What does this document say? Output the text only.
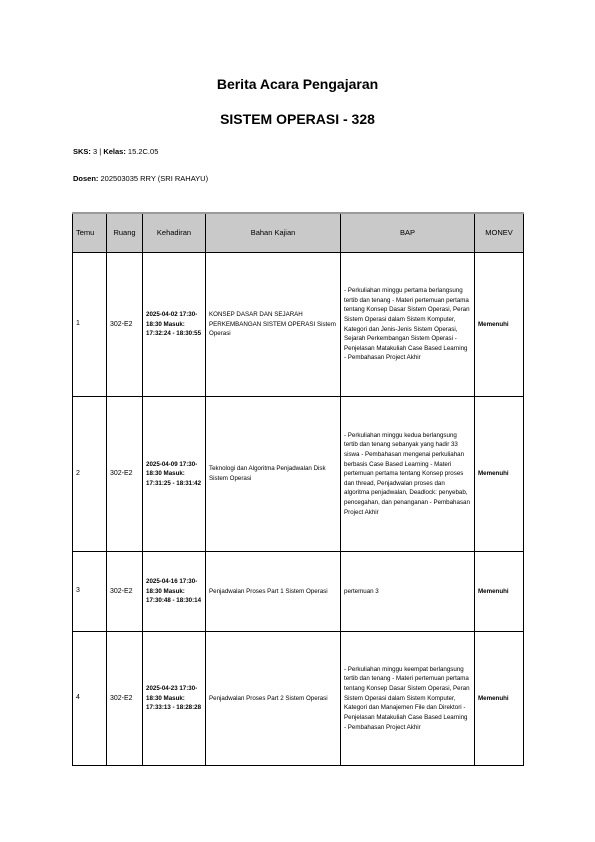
Berita Acara Pengajaran
SISTEM OPERASI - 328
SKS: 3 | Kelas: 15.2C.05
Dosen: 202503035 RRY (SRI RAHAYU)
Temu	Ruang	Kehadiran	Bahan Kajian	BAP	MONEV
1	302-E2	2025-04-02 17:30-18:30 Masuk: 17:32:24 - 18:30:55	KONSEP DASAR DAN SEJARAH PERKEMBANGAN SISTEM OPERASI Sistem Operasi	- Perkuliahan minggu pertama berlangsung tertib dan tenang - Materi pertemuan pertama tentang Konsep Dasar Sistem Operasi, Peran Sistem Operasi dalam Sistem Komputer, Kategori dan Jenis-Jenis Sistem Operasi, Sejarah Perkembangan Sistem Operasi - Penjelasan Matakuliah Case Based Learning - Pembahasan Project Akhir	Memenuhi
2	302-E2	2025-04-09 17:30-18:30 Masuk: 17:31:25 - 18:31:42	Teknologi dan Algoritma Penjadwalan Disk Sistem Operasi	- Perkuliahan minggu kedua berlangsung tertib dan tenang sebanyak yang hadir 33 siswa - Pembahasan mengenai perkuliahan berbasis Case Based Learning - Materi pertemuan pertama tentang Konsep proses dan thread, Penjadwalan proses dan algoritma penjadwalan, Deadlock: penyebab, pencegahan, dan penanganan - Pembahasan Project Akhir	Memenuhi
3	302-E2	2025-04-16 17:30-18:30 Masuk: 17:30:48 - 18:30:14	Penjadwalan Proses Part 1 Sistem Operasi	pertemuan 3	Memenuhi
4	302-E2	2025-04-23 17:30-18:30 Masuk: 17:33:13 - 18:28:28	Penjadwalan Proses Part 2 Sistem Operasi	- Perkuliahan minggu keempat berlangsung tertib dan tenang - Materi pertemuan pertama tentang Konsep Dasar Sistem Operasi, Peran Sistem Operasi dalam Sistem Komputer, Kategori dan Manajemen File dan Direktori - Penjelasan Matakuliah Case Based Learning - Pembahasan Project Akhir	Memenuhi
